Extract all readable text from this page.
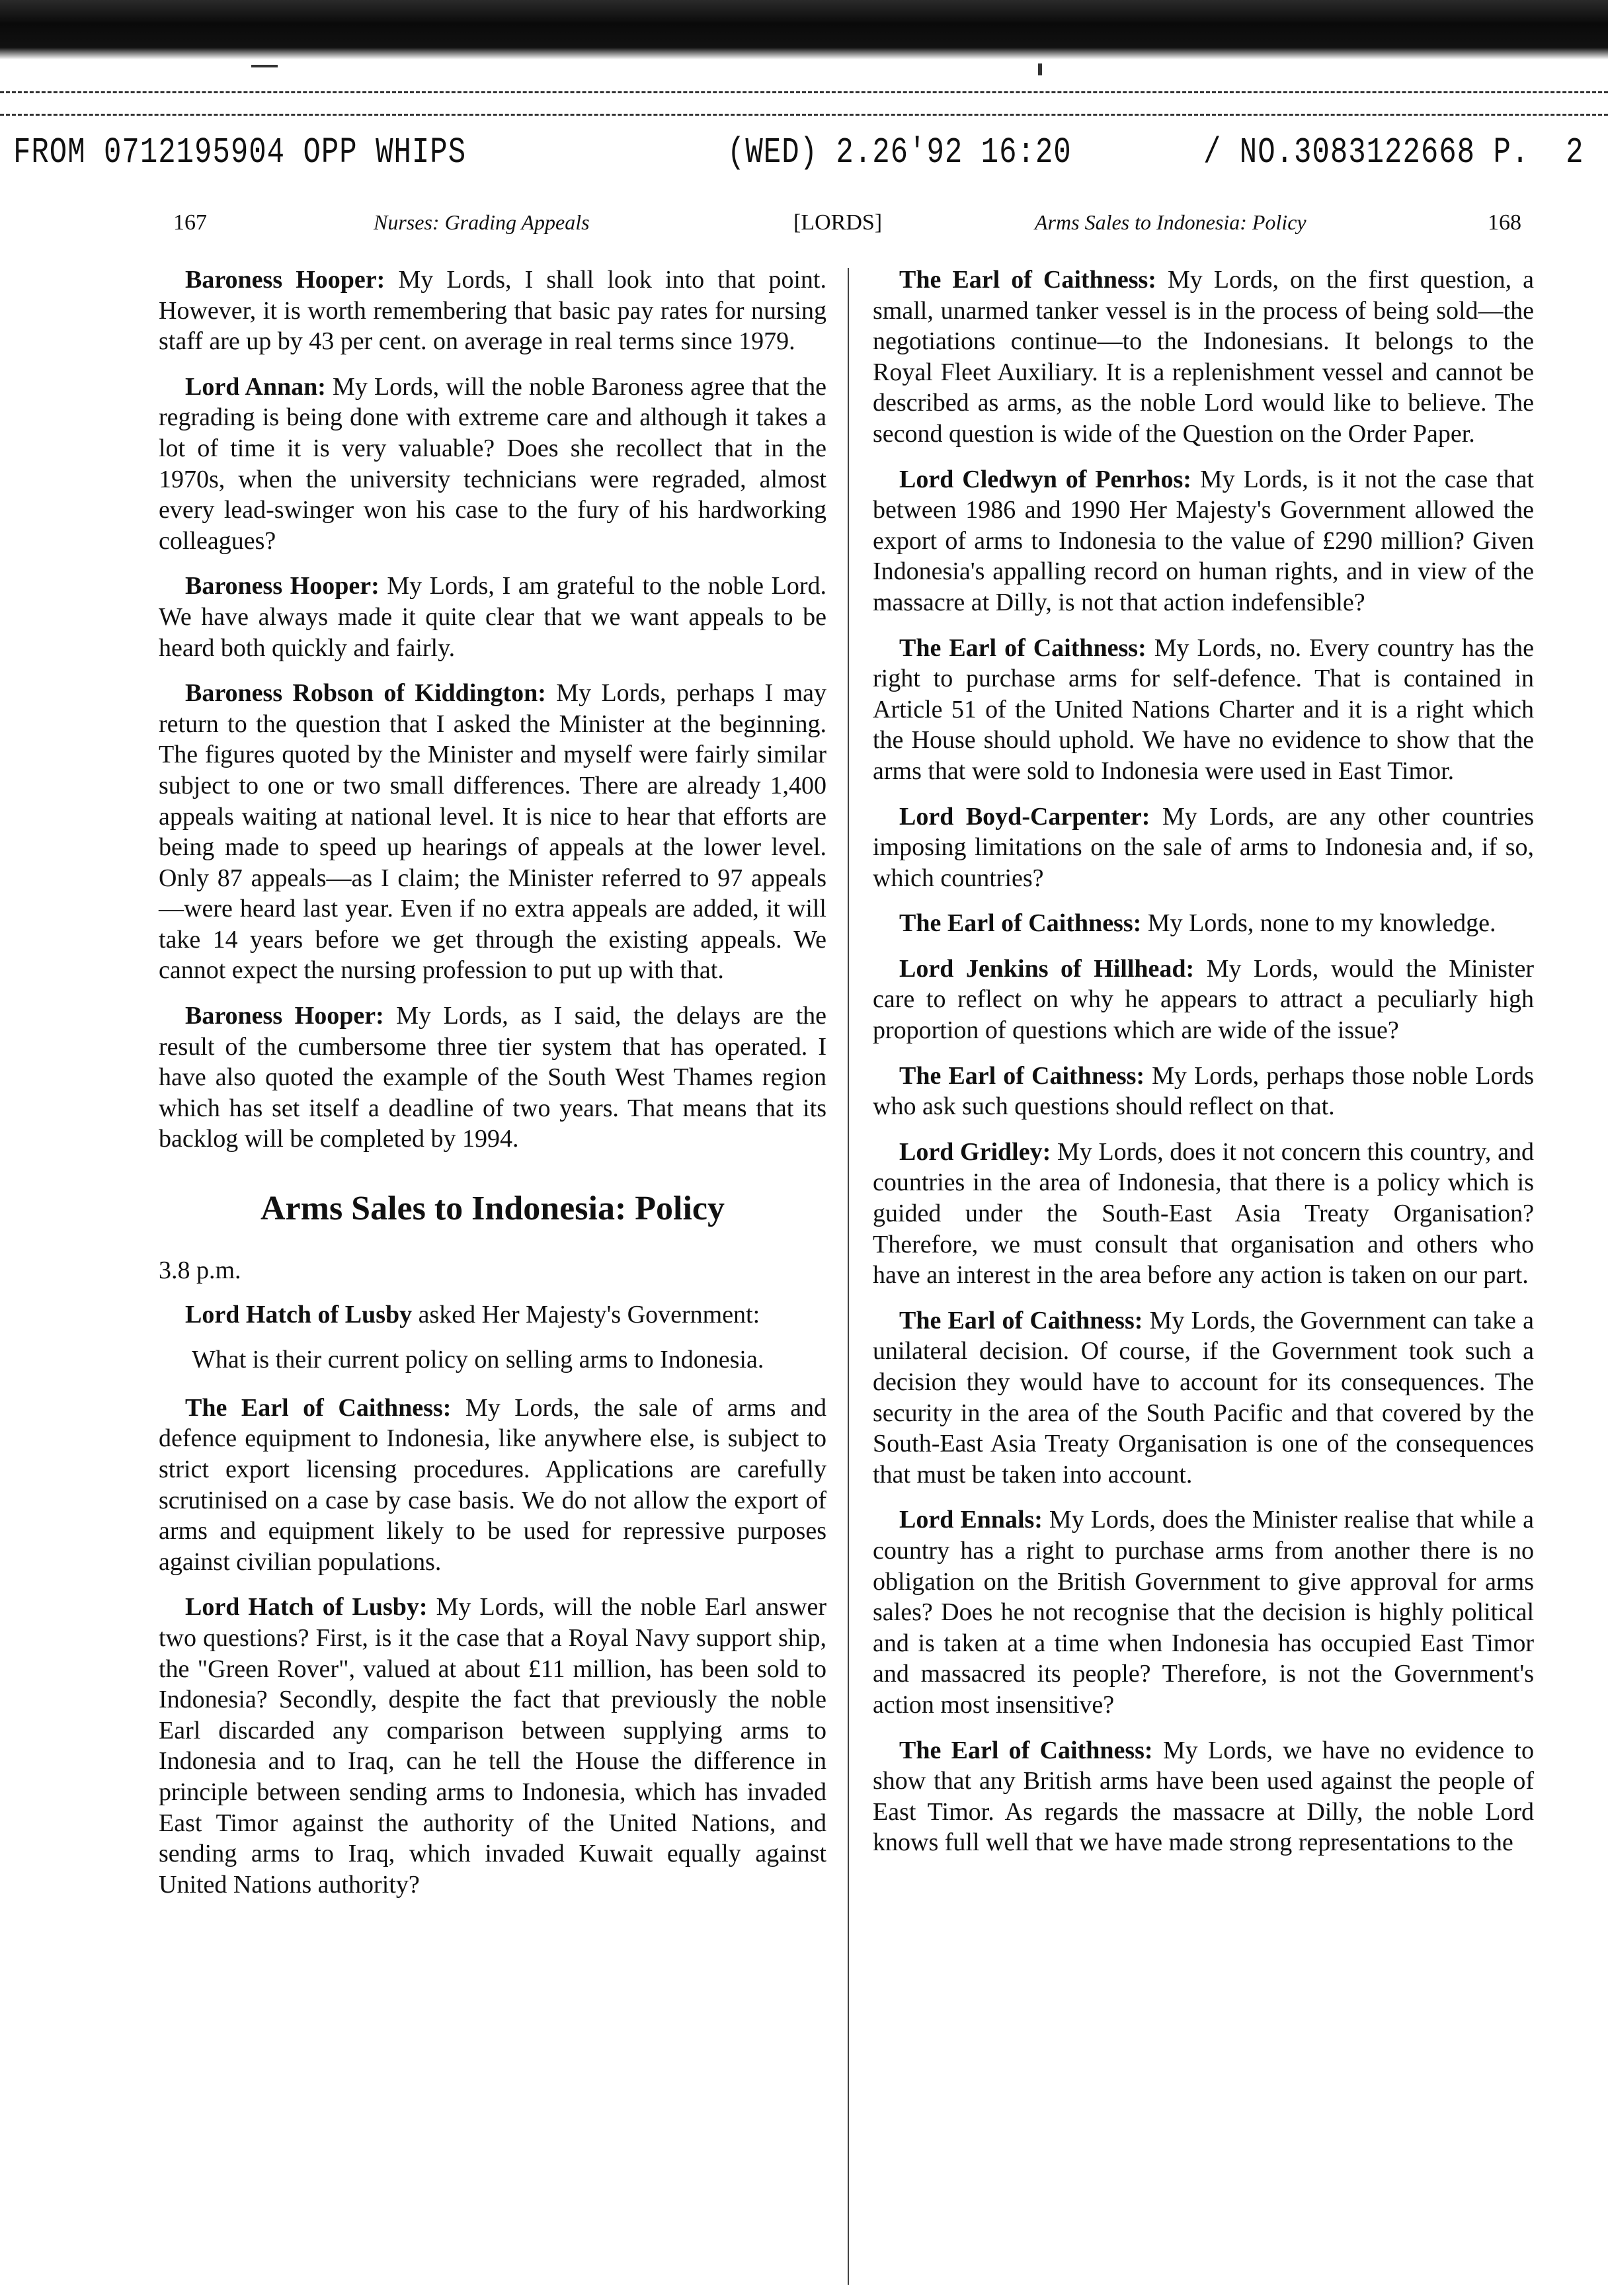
FROM 0712195904 OPP WHIPS	(WED) 2.26'92 16:20	/ NO.3083122668 P.  2
167	Nurses: Grading Appeals	[LORDS]	Arms Sales to Indonesia: Policy	168

Baroness Hooper: My Lords, I shall look into that point. However, it is worth remembering that basic pay rates for nursing staff are up by 43 per cent. on average in real terms since 1979.

Lord Annan: My Lords, will the noble Baroness agree that the regrading is being done with extreme care and although it takes a lot of time it is very valuable? Does she recollect that in the 1970s, when the university technicians were regraded, almost every lead-swinger won his case to the fury of his hardworking colleagues?

Baroness Hooper: My Lords, I am grateful to the noble Lord. We have always made it quite clear that we want appeals to be heard both quickly and fairly.

Baroness Robson of Kiddington: My Lords, perhaps I may return to the question that I asked the Minister at the beginning. The figures quoted by the Minister and myself were fairly similar subject to one or two small differences. There are already 1,400 appeals waiting at national level. It is nice to hear that efforts are being made to speed up hearings of appeals at the lower level. Only 87 appeals—as I claim; the Minister referred to 97 appeals—were heard last year. Even if no extra appeals are added, it will take 14 years before we get through the existing appeals. We cannot expect the nursing profession to put up with that.

Baroness Hooper: My Lords, as I said, the delays are the result of the cumbersome three tier system that has operated. I have also quoted the example of the South West Thames region which has set itself a deadline of two years. That means that its backlog will be completed by 1994.

Arms Sales to Indonesia: Policy

3.8 p.m.

Lord Hatch of Lusby asked Her Majesty's Government:

What is their current policy on selling arms to Indonesia.

The Earl of Caithness: My Lords, the sale of arms and defence equipment to Indonesia, like anywhere else, is subject to strict export licensing procedures. Applications are carefully scrutinised on a case by case basis. We do not allow the export of arms and equipment likely to be used for repressive purposes against civilian populations.

Lord Hatch of Lusby: My Lords, will the noble Earl answer two questions? First, is it the case that a Royal Navy support ship, the "Green Rover", valued at about £11 million, has been sold to Indonesia? Secondly, despite the fact that previously the noble Earl discarded any comparison between supplying arms to Indonesia and to Iraq, can he tell the House the difference in principle between sending arms to Indonesia, which has invaded East Timor against the authority of the United Nations, and sending arms to Iraq, which invaded Kuwait equally against United Nations authority?

The Earl of Caithness: My Lords, on the first question, a small, unarmed tanker vessel is in the process of being sold—the negotiations continue—to the Indonesians. It belongs to the Royal Fleet Auxiliary. It is a replenishment vessel and cannot be described as arms, as the noble Lord would like to believe. The second question is wide of the Question on the Order Paper.

Lord Cledwyn of Penrhos: My Lords, is it not the case that between 1986 and 1990 Her Majesty's Government allowed the export of arms to Indonesia to the value of £290 million? Given Indonesia's appalling record on human rights, and in view of the massacre at Dilly, is not that action indefensible?

The Earl of Caithness: My Lords, no. Every country has the right to purchase arms for self-defence. That is contained in Article 51 of the United Nations Charter and it is a right which the House should uphold. We have no evidence to show that the arms that were sold to Indonesia were used in East Timor.

Lord Boyd-Carpenter: My Lords, are any other countries imposing limitations on the sale of arms to Indonesia and, if so, which countries?

The Earl of Caithness: My Lords, none to my knowledge.

Lord Jenkins of Hillhead: My Lords, would the Minister care to reflect on why he appears to attract a peculiarly high proportion of questions which are wide of the issue?

The Earl of Caithness: My Lords, perhaps those noble Lords who ask such questions should reflect on that.

Lord Gridley: My Lords, does it not concern this country, and countries in the area of Indonesia, that there is a policy which is guided under the South-East Asia Treaty Organisation? Therefore, we must consult that organisation and others who have an interest in the area before any action is taken on our part.

The Earl of Caithness: My Lords, the Government can take a unilateral decision. Of course, if the Government took such a decision they would have to account for its consequences. The security in the area of the South Pacific and that covered by the South-East Asia Treaty Organisation is one of the consequences that must be taken into account.

Lord Ennals: My Lords, does the Minister realise that while a country has a right to purchase arms from another there is no obligation on the British Government to give approval for arms sales? Does he not recognise that the decision is highly political and is taken at a time when Indonesia has occupied East Timor and massacred its people? Therefore, is not the Government's action most insensitive?

The Earl of Caithness: My Lords, we have no evidence to show that any British arms have been used against the people of East Timor. As regards the massacre at Dilly, the noble Lord knows full well that we have made strong representations to the
